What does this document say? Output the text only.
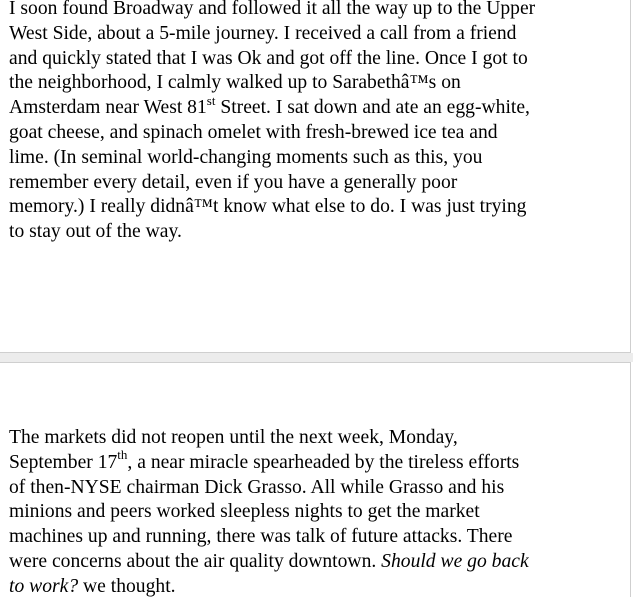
I soon found Broadway and followed it all the way up to the Upper
West Side, about a 5-mile journey. I received a call from a friend
and quickly stated that I was Ok and got off the line. Once I got to
the neighborhood, I calmly walked up to Sarabethâ™s on
Amsterdam near West 81st Street. I sat down and ate an egg-white,
goat cheese, and spinach omelet with fresh-brewed ice tea and
lime. (In seminal world-changing moments such as this, you
remember every detail, even if you have a generally poor
memory.) I really didnâ™t know what else to do. I was just trying
to stay out of the way.
The markets did not reopen until the next week, Monday,
September 17th, a near miracle spearheaded by the tireless efforts
of then-NYSE chairman Dick Grasso. All while Grasso and his
minions and peers worked sleepless nights to get the market
machines up and running, there was talk of future attacks. There
were concerns about the air quality downtown. Should we go back
to work? we thought.
